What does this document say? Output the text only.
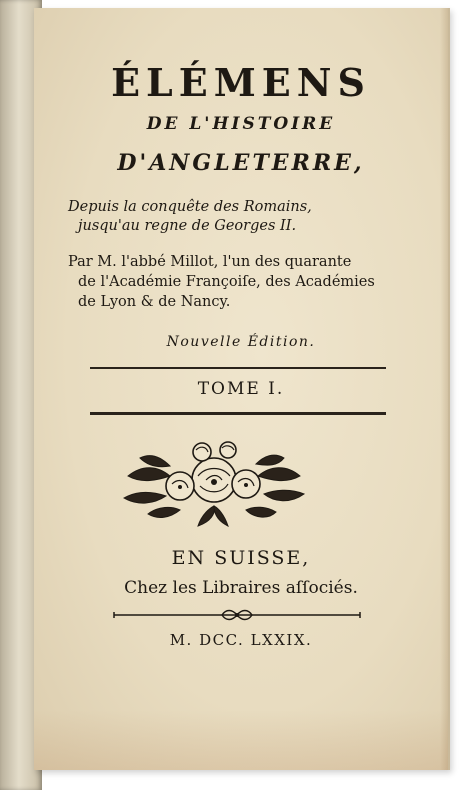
ÉLÉMENS
DE L'HISTOIRE
D'ANGLETERRE,
Depuis la conquête des Romains,
jusqu'au regne de Georges II.
Par M. l'abbé Millot, l'un des quarante
de l'Académie Françoiſe, des Académies
de Lyon & de Nancy.
Nouvelle Édition.
TOME I.
EN SUISSE,
Chez les Libraires aſſociés.
M. DCC. LXXIX.
